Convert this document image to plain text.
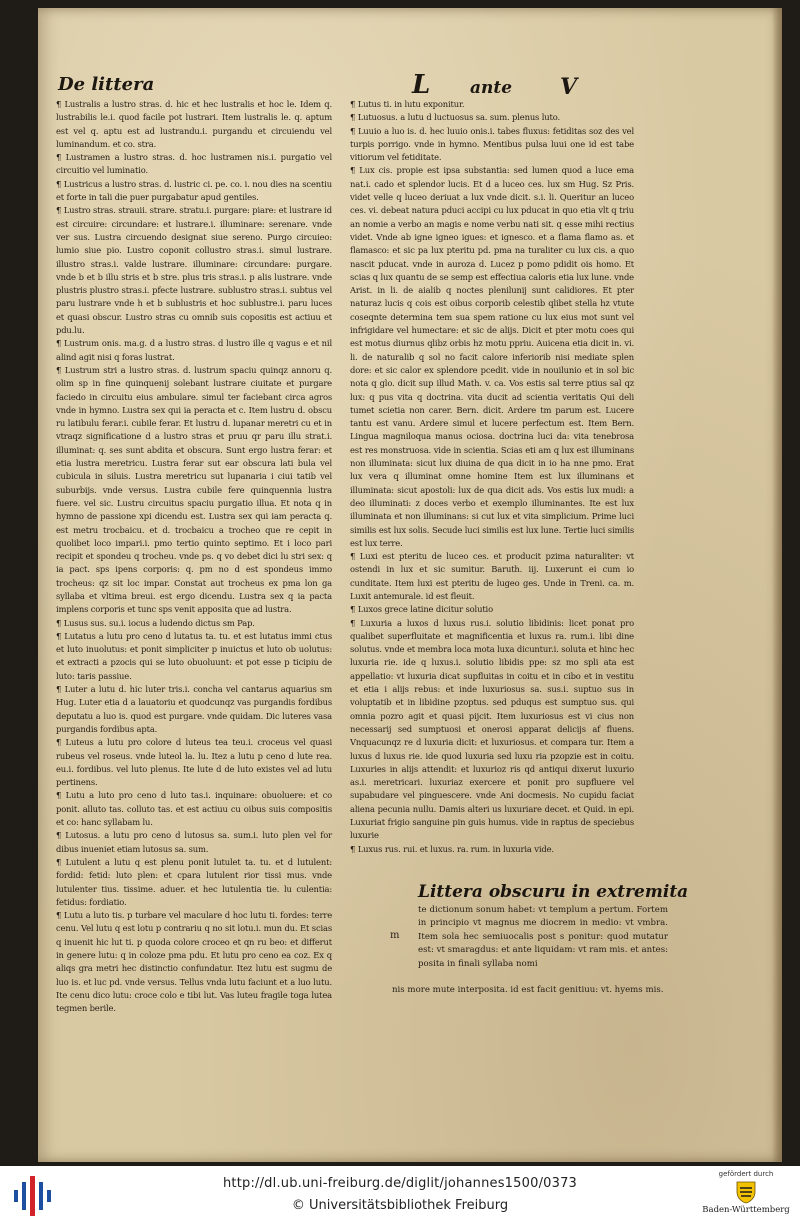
De littera	L ante V

¶ Lustralis a lustro stras. d. hic et hec lustralis et hoc le. Idem q. lustrabilis le.i. quod facile pot lustrari. Item lustralis le. q. aptum est vel q. aptu est ad lustrandu.i. purgandu et circuiendu vel luminandum. et co. stra.

¶ Lustramen a lustro stras. d. hoc lustramen nis.i. purgatio vel circuitio vel luminatio.

¶ Lustricus a lustro stras. d. lustric ci. pe. co. i. nou dies na scentiu et forte in tali die puer purgabatur apud gentiles.

¶ Lustro stras. strauii. strare. stratu.i. purgare: piare: et lustrare id est circuire: circundare: et lustrare.i. illuminare: serenare. vnde ver sus. Lustra circuendo designat siue sereno. Purgo circuieo: lumio siue pio. Lustro coponit collustro stras.i. simul lustrare. illustro stras.i. valde lustrare. illuminare: circundare: purgare. vnde b et b illu stris et b stre. plus tris stras.i. p alis lustrare. vnde plustris plustro stras.i. pfecte lustrare. sublustro stras.i. subtus vel paru lustrare vnde h et b sublustris et hoc sublustre.i. paru luces et quasi obscur. Lustro stras cu omnib suis copositis est actiuu et pdu.lu.

¶ Lustrum onis. ma.g. d a lustro stras. d lustro ille q vagus e et nil alind agit nisi q foras lustrat.

¶ Lustrum stri a lustro stras. d. lustrum spaciu quinqz annoru q. olim sp in fine quinquenij solebant lustrare ciuitate et purgare faciedo in circuitu eius ambulare. simul ter faciebant circa agros vnde in hymno. Lustra sex qui ia peracta et c. Item lustru d. obscu ru latibulu ferar.i. cubile ferar. Et lustru d. lupanar meretri cu et in vtraqz significatione d a lustro stras et pruu qr paru illu strat.i. illuminat: q. ses sunt abdita et obscura. Sunt ergo lustra ferar: et etia lustra meretricu. Lustra ferar sut ear obscura lati bula vel cubicula in siluis. Lustra meretricu sut lupanaria i ciui tatib vel suburbijs. vnde versus. Lustra cubile fere quinquennia lustra fuere. vel sic. Lustru circuitus spaciu purgatio illua. Et nota q in hymno de passione xpi dicendu est. Lustra sex qui iam peracta q. est metru trocbaicu. et d. trocbaicu a trocheo que re cepit in quolibet loco impari.i. pmo tertio quinto septimo. Et i loco pari recipit et spondeu q trocheu. vnde ps. q vo debet dici lu stri sex: q ia pact. sps ipens corporis: q. pm no d est spondeus immo trocheus: qz sit loc impar. Constat aut trocheus ex pma lon ga syllaba et vltima breui. est ergo dicendu. Lustra sex q ia pacta implens corporis et tunc sps venit apposita que ad lustra.

¶ Lusus sus. su.i. iocus a ludendo dictus sm Pap.

¶ Lutatus a lutu pro ceno d lutatus ta. tu. et est lutatus immi ctus et luto inuolutus: et ponit simpliciter p inuictus et luto ob uolutus: et extracti a pzocis qui se luto obuoluunt: et pot esse p ticipiu de luto: taris passiue.

¶ Luter a lutu d. hic luter tris.i. concha vel cantarus aquarius sm Hug. Luter etia d a lauatoriu et quodcunqz vas purgandis fordibus deputatu a luo is. quod est purgare. vnde quidam. Dic luteres vasa purgandis fordibus apta.

¶ Luteus a lutu pro colore d luteus tea teu.i. croceus vel quasi rubeus vel roseus. vnde luteol la. lu. Itez a lutu p ceno d lute rea. eu.i. fordibus. vel luto plenus. Ite lute d de luto existes vel ad lutu pertinens.

¶ Lutu a luto pro ceno d luto tas.i. inquinare: obuoluere: et co ponit. alluto tas. colluto tas. et est actiuu cu oibus suis compositis et co: hanc syllabam lu.

¶ Lutosus. a lutu pro ceno d lutosus sa. sum.i. luto plen vel for dibus inueniet etiam lutosus sa. sum.

¶ Lutulent a lutu q est plenu ponit lutulet ta. tu. et d lutulent: fordid: fetid: luto plen: et cpara lutulent rior tissi mus. vnde lutulenter tius. tissime. aduer. et hec lutulentia tie. lu culentia: fetidus: fordiatio.

¶ Lutu a luto tis. p turbare vel maculare d hoc lutu ti. fordes: terre cenu. Vel lutu q est lotu p contrariu q no sit lotu.i. mun du. Et scias q inuenit hic lut ti. p quoda colore croceo et qn ru beo: et differut in genere lutu: q in coloze pma pdu. Et lutu pro ceno ea coz. Ex q aliqs gra metri hec distinctio confundatur. Itez lutu est sugmu de luo is. et luc pd. vnde versus. Tellus vnda lutu faciunt et a luo lutu. Ite cenu dico lutu: croce colo e tibi lut. Vas luteu fragile toga lutea tegmen berile.

¶ Lutus ti. in lutu exponitur.

¶ Lutuosus. a lutu d luctuosus sa. sum. plenus luto.

¶ Luuio a luo is. d. hec luuio onis.i. tabes fluxus: fetiditas soz des vel turpis porrigo. vnde in hymno. Mentibus pulsa luui one id est tabe vitiorum vel fetiditate.

¶ Lux cis. propie est ipsa substantia: sed lumen quod a luce ema nat.i. cado et splendor lucis. Et d a luceo ces. lux sm Hug. Sz Pris. videt velle q luceo deriuat a lux vnde dicit. s.i. li. Queritur an luceo ces. vi. debeat natura pduci accipi cu lux pducat in quo etia vlt q triu an nomie a verbo an magis e nome verbu nati sit. q esse mihi rectius videt. Vnde ab igne igneo igues: et ignesco. et a flama flamo as. et flamasco: et sic pa lux pteritu pd. pma na turaliter cu lux cis. a quo nascit pducat. vnde in auroza d. Lucez p pomo pdidit ois homo. Et scias q lux quantu de se semp est effectiua caloris etia lux lune. vnde Arist. in li. de aialib q noctes plenilunij sunt calidiores. Et pter naturaz lucis q cois est oibus corporib celestib qlibet stella hz vtute coseqnte determina tem sua spem ratione cu lux eius mot sunt vel infrigidare vel humectare: et sic de alijs. Dicit et pter motu coes qui est motus diurnus qlibz orbis hz motu ppriu. Auicena etia dicit in. vi. li. de naturalib q sol no facit calore inferiorib nisi mediate splen dore: et sic calor ex splendore pcedit. vide in nouilunio et in sol bic nota q glo. dicit sup illud Math. v. ca. Vos estis sal terre ptius sal qz lux: q pus vita q doctrina. vita ducit ad scientia veritatis Qui deli tumet scietia non carer. Bern. dicit. Ardere tm parum est. Lucere tantu est vanu. Ardere simul et lucere perfectum est. Item Bern. Lingua magniloqua manus ociosa. doctrina luci da: vita tenebrosa est res monstruosa. vide in scientia. Scias eti am q lux est illuminans non illuminata: sicut lux diuina de qua dicit in io ha nne pmo. Erat lux vera q illuminat omne homine Item est lux illuminans et illuminata: sicut apostoli: lux de qua dicit ads. Vos estis lux mudi: a deo illuminati: z doces verbo et exemplo illuminantes. Ite est lux illuminata et non illuminans: si cut lux et vita simplicium. Prime luci similis est lux solis. Secude luci similis est lux lune. Tertie luci similis est lux terre.

¶ Luxi est pteritu de luceo ces. et producit pzima naturaliter: vt ostendi in lux et sic sumitur. Baruth. iij. Luxerunt ei cum io cunditate. Item luxi est pteritu de lugeo ges. Unde in Treni. ca. m. Luxit antemurale. id est fleuit.

¶ Luxos grece latine dicitur solutio

¶ Luxuria a luxos d luxus rus.i. solutio libidinis: licet ponat pro qualibet superfluitate et magnificentia et luxus ra. rum.i. libi dine solutus. vnde et membra loca mota luxa dicuntur.i. soluta et hinc hec luxuria rie. ide q luxus.i. solutio libidis ppe: sz mo spli ata est appellatio: vt luxuria dicat supfluitas in coitu et in cibo et in vestitu et etia i alijs rebus: et inde luxuriosus sa. sus.i. suptuo sus in voluptatib et in libidine pzoptus. sed pduqus est sumptuo sus. qui omnia pozro agit et quasi pijcit. Item luxuriosus est vi cius non necessarij sed sumptuosi et onerosi apparat delicijs af fluens. Vnquacunqz re d luxuria dicit: et luxuriosus. et compara tur. Item a luxus d luxus rie. ide quod luxuria sed luxu ria pzopzie est in coitu. Luxuries in alijs attendit: et luxurioz ris qd antiqui dixerut luxurio as.i. meretricari. luxuriaz exercere et ponit pro supfluere vel supabudare vel pinguescere. vnde Ani docmesis. No cupidu faciat aliena pecunia nullu. Damis alteri us luxuriare decet. et Quid. in epi. Luxuriat frigio sanguine pin guis humus. vide in raptus de speciebus luxurie

¶ Luxus rus. rui. et luxus. ra. rum. in luxuria vide.

Littera obscuru in extremita
m
te dictionum sonum habet: vt templum a pertum. Fortem in principio vt magnus me diocrem in medio: vt vmbra. Item sola hec semiuocalis post s ponitur: quod mutatur est: vt smaragdus: et ante liquidam: vt ram mis. et antes: posita in finali syllaba nomi
nis more mute interposita. id est facit genitiuu: vt. hyems mis.
http://dl.ub.uni-freiburg.de/diglit/johannes1500/0373
© Universitätsbibliothek Freiburg
gefördert durch
Baden-Württemberg
